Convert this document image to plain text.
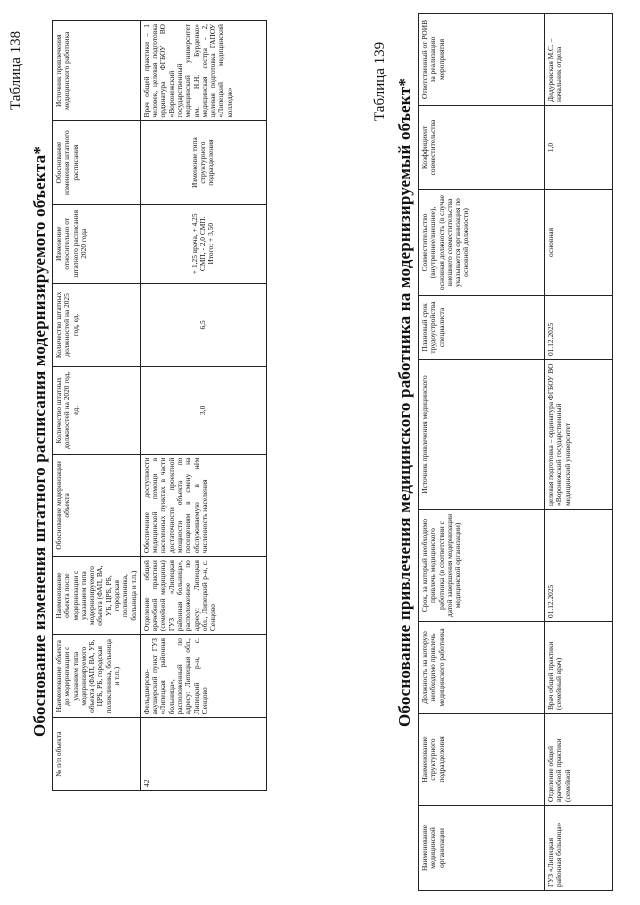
Таблица 138
Обоснование изменения штатного расписания модернизируемого объекта*
№ п/п объекта	Наименование объекта до модернизации с указанием типа модернизируемого объекта (ФАП, ВА, УБ, ЦРБ, РБ, городская поликлиника, больница и т.п.)	Наименование объекта после модернизации с указанием типа модернизируемого объекта (ФАП, ВА, УБ, ЦРБ, РБ, городская поликлиника, больница и т.п.)	Обоснование модернизации объекта	Количество штатных должностей на 2020 год, ед.	Количество штатных должностей на 2025 год, ед.	Изменение относительно от штатного расписания 2020 года	Обоснование изменения штатного расписания	Источник привлечения медицинского работника
42	Фельдшерско-акушерский пункт ГУЗ «Липецкая районная больница», расположенный по адресу: Липецкая обл., Липецкий р-н, с. Сенцово	Отделение общей врачебной практики (семейной медицины) ГУЗ «Липецкая районная больница», расположенное по адресу: Липецкая обл., Липецкий р-н, с. Сенцово	Обеспечение доступности медицинской помощи в населенных пунктах в части достаточности проектной мощности объекта по посещениям в смену на обслуживаемую в нём численность населения	3,0	6,5	+ 1,25 врача, + 4,25 СМП, - 2,0 СМП. Итого: + 3,50	Изменение типа структурного подразделения	Врач общей практики – 1 человек, целевая подготовка ординатура ФГБОУ ВО «Воронежский государственный медицинский университет им. Н.Н. Бурденко» медицинская сестра - 2, целевая подготовка ГАПОУ «Липецкий медицинский колледж»	Таблица 139 Обоснование привлечения медицинского работника на модернизируемый объект*
Наименование медицинской организации	Наименование структурного подразделения	Должность на которую необходимо привлечь медицинского работника	Срок, за который необходимо привлечь медицинского работника (в соответствии с датой завершения модернизации медицинской организации)	Источник привлечения медицинского	Плановый срок трудоустройства специалиста	Совместительство (внутреннее/внешнее), основная должность (в случае внешнего совместительства указывается организация по основной должности)	Коэффициент совместительства	Ответственный от РОИВ за реализацию мероприятия
ГУЗ «Липецкая районная больница»	Отделение общей врачебной практики (семейной	Врач общей практики (семейный врач)	01.12.2025	целевая подготовка – ординатура ФГБОУ ВО «Воронежский государственный медицинский университет	01.12.2025	основная	1,0	Дидуровская М.С. – начальник отдела
